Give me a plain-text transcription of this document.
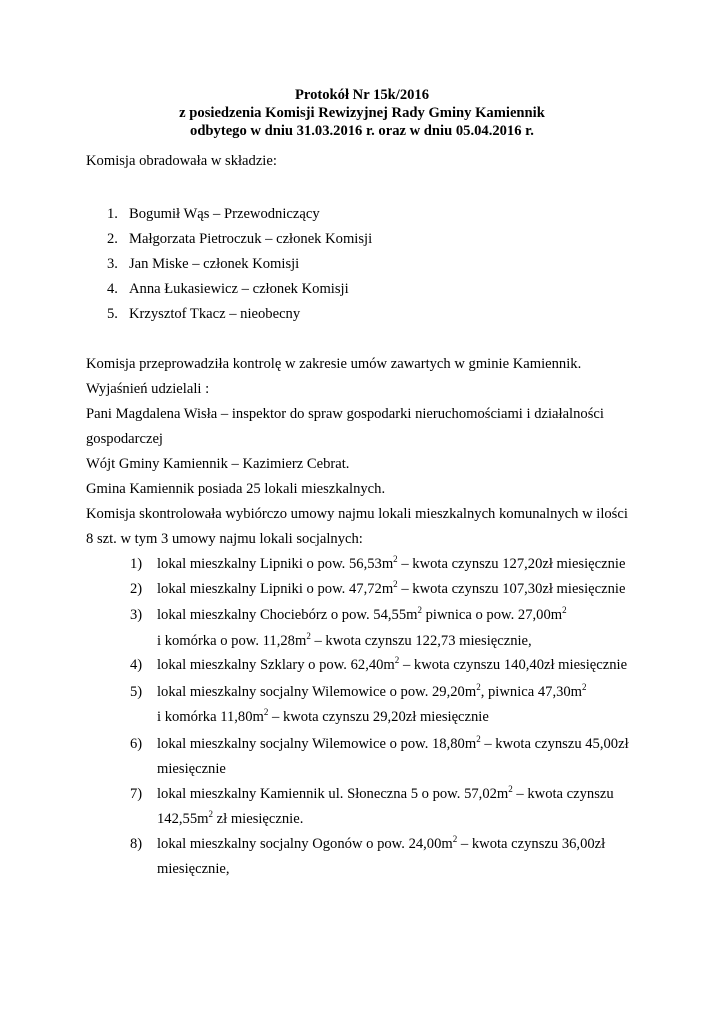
Protokół Nr 15k/2016
z posiedzenia Komisji Rewizyjnej Rady Gminy Kamiennik
odbytego w dniu 31.03.2016 r. oraz w dniu 05.04.2016 r.
Komisja obradowała w składzie:
1. Bogumił Wąs – Przewodniczący
2. Małgorzata Pietroczuk – członek Komisji
3. Jan Miske – członek Komisji
4. Anna Łukasiewicz – członek Komisji
5. Krzysztof Tkacz – nieobecny
Komisja przeprowadziła kontrolę w zakresie umów zawartych w gminie Kamiennik.
Wyjaśnień udzielali :
Pani Magdalena Wisła – inspektor do spraw gospodarki nieruchomościami i działalności
gospodarczej
Wójt Gminy Kamiennik – Kazimierz Cebrat.
Gmina Kamiennik posiada 25 lokali mieszkalnych.
Komisja skontrolowała wybiórczo umowy najmu lokali mieszkalnych komunalnych w ilości
8 szt. w tym 3 umowy najmu lokali socjalnych:
1) lokal mieszkalny Lipniki o pow. $56,53m^2$ – kwota czynszu 127,20zł miesięcznie
2) lokal mieszkalny Lipniki o pow. $47,72m^2$ – kwota czynszu 107,30zł miesięcznie
3) lokal mieszkalny Chociebórz o pow. $54,55m^2$ piwnica o pow. $27,00m^2$
i komórka o pow. $11,28m^2$ – kwota czynszu 122,73 miesięcznie,
4) lokal mieszkalny Szklary o pow. $62,40m^2$ – kwota czynszu 140,40zł miesięcznie
5) lokal mieszkalny socjalny Wilemowice o pow. $29,20m^2$, piwnica $47,30m^2$
i komórka $11,80m^2$ – kwota czynszu 29,20zł miesięcznie
6) lokal mieszkalny socjalny Wilemowice o pow. $18,80m^2$ – kwota czynszu 45,00zł
miesięcznie
7) lokal mieszkalny Kamiennik ul. Słoneczna 5 o pow. $57,02m^2$ – kwota czynszu
$142,55m^2$ zł miesięcznie.
8) lokal mieszkalny socjalny Ogonów o pow. $24,00m^2$ – kwota czynszu 36,00zł
miesięcznie,
